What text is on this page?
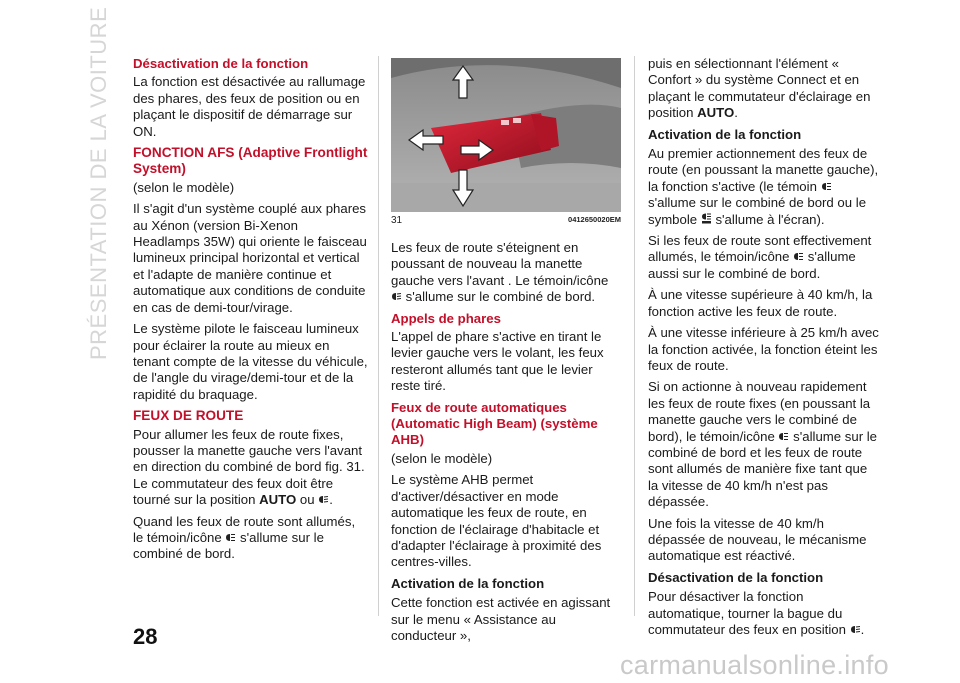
PRÉSENTATION DE LA VOITURE	Désactivation de la fonction

La fonction est désactivée au rallumage des phares, des feux de position ou en plaçant le dispositif de démarrage sur ON.

FONCTION AFS (Adaptive Frontlight System)

(selon le modèle)

Il s'agit d'un système couplé aux phares au Xénon (version Bi-Xenon Headlamps 35W) qui oriente le faisceau lumineux principal horizontal et vertical et l'adapte de manière continue et automatique aux conditions de conduite en cas de demi-tour/virage.

Le système pilote le faisceau lumineux pour éclairer la route au mieux en tenant compte de la vitesse du véhicule, de l'angle du virage/demi-tour et de la rapidité du braquage.

FEUX DE ROUTE

Pour allumer les feux de route fixes, pousser la manette gauche vers l'avant en direction du combiné de bord fig. 31. Le commutateur des feux doit être tourné sur la position AUTO ou .

Quand les feux de route sont allumés, le témoin/icône  s'allume sur le combiné de bord.

31	0412650020EM

Les feux de route s'éteignent en poussant de nouveau la manette gauche vers l'avant . Le témoin/icône  s'allume sur le combiné de bord.

Appels de phares

L'appel de phare s'active en tirant le levier gauche vers le volant, les feux resteront allumés tant que le levier reste tiré.

Feux de route automatiques (Automatic High Beam) (système AHB)

(selon le modèle)

Le système AHB permet d'activer/désactiver en mode automatique les feux de route, en fonction de l'éclairage d'habitacle et d'adapter l'éclairage à proximité des centres-villes.

Activation de la fonction

Cette fonction est activée en agissant sur le menu « Assistance au conducteur »,

puis en sélectionnant l'élément « Confort » du système Connect et en plaçant le commutateur d'éclairage en position AUTO.

Activation de la fonction

Au premier actionnement des feux de route (en poussant la manette gauche), la fonction s'active (le témoin  s'allume sur le combiné de bord ou le symbole  s'allume à l'écran).

Si les feux de route sont effectivement allumés, le témoin/icône  s'allume aussi sur le combiné de bord.

À une vitesse supérieure à 40 km/h, la fonction active les feux de route.

À une vitesse inférieure à 25 km/h avec la fonction activée, la fonction éteint les feux de route.

Si on actionne à nouveau rapidement les feux de route fixes (en poussant la manette gauche vers le combiné de bord), le témoin/icône  s'allume sur le combiné de bord et les feux de route sont allumés de manière fixe tant que la vitesse de 40 km/h n'est pas dépassée.

Une fois la vitesse de 40 km/h dépassée de nouveau, le mécanisme automatique est réactivé.

Désactivation de la fonction

Pour désactiver la fonction automatique, tourner la bague du commutateur des feux en position .

28
carmanualsonline.info
